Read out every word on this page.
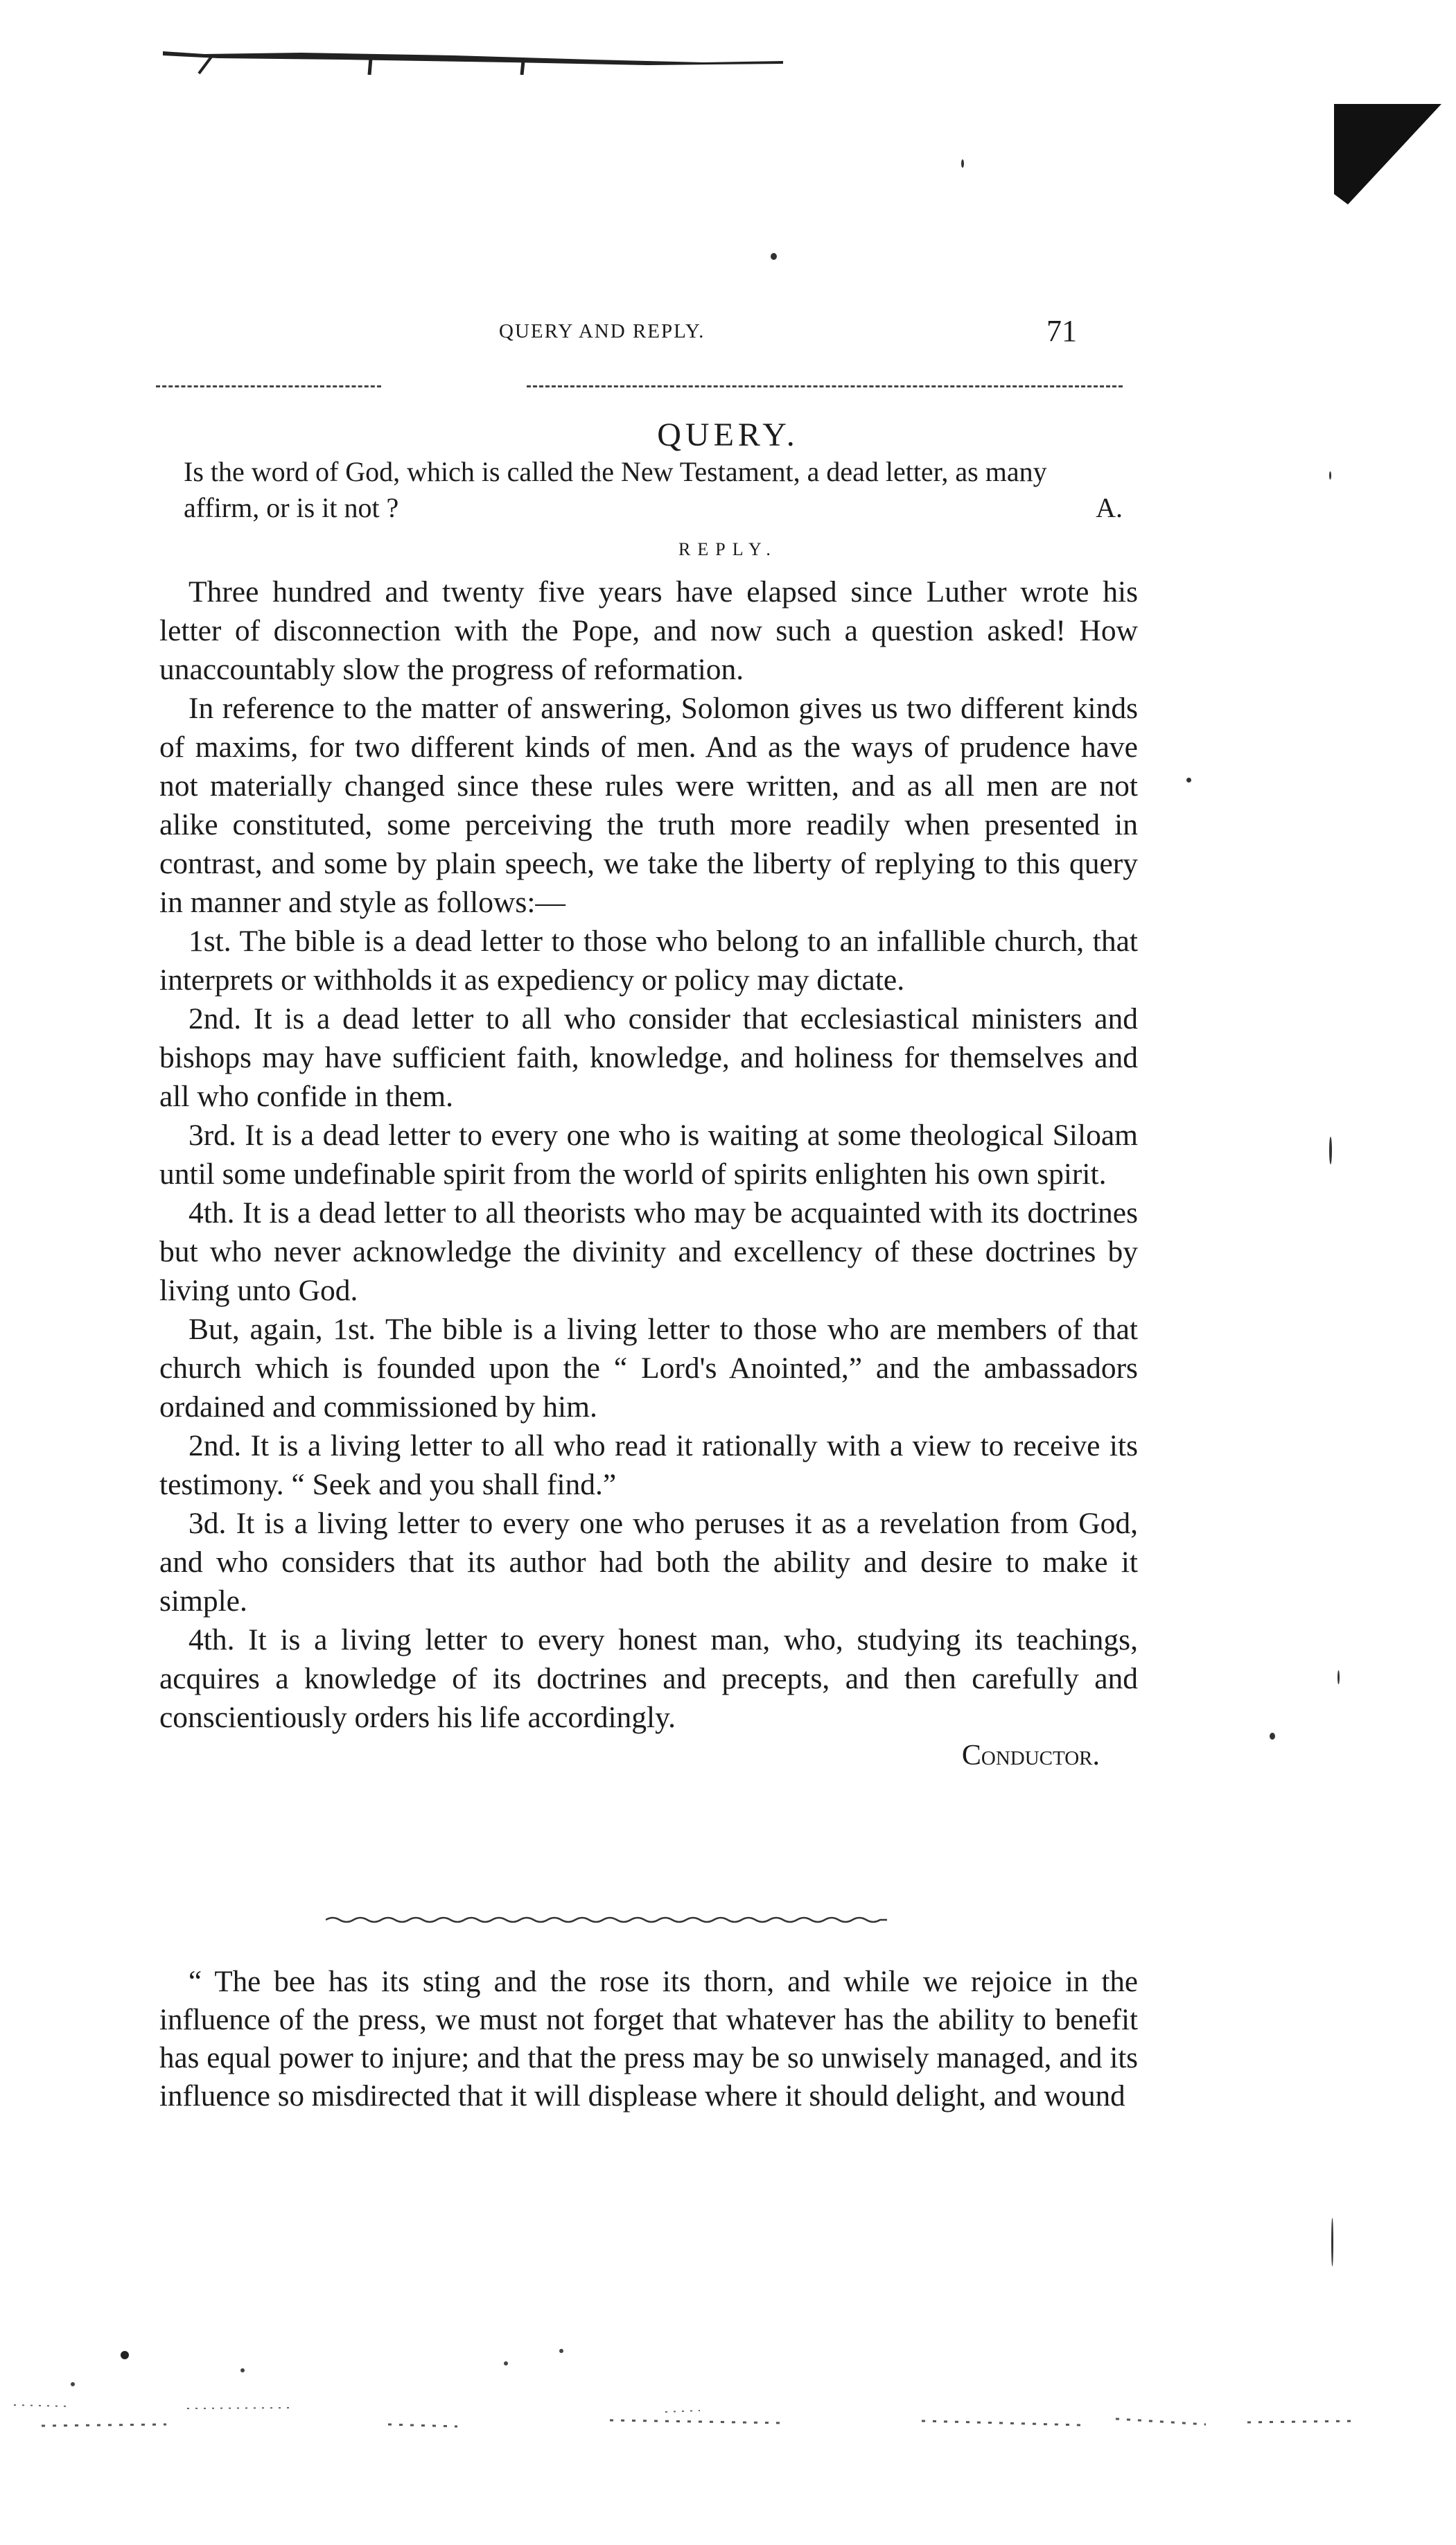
QUERY AND REPLY.	71
QUERY.
Is the word of God, which is called the New Testament, a dead letter, as many affirm, or is it not ?	A.
REPLY.

Three hundred and twenty five years have elapsed since Luther wrote his letter of disconnection with the Pope, and now such a question asked! How unaccountably slow the progress of reformation.

In reference to the matter of answering, Solomon gives us two different kinds of maxims, for two different kinds of men. And as the ways of prudence have not materially changed since these rules were written, and as all men are not alike constituted, some perceiving the truth more readily when presented in contrast, and some by plain speech, we take the liberty of replying to this query in manner and style as follows:—

1st. The bible is a dead letter to those who belong to an infallible church, that interprets or withholds it as expediency or policy may dictate.

2nd. It is a dead letter to all who consider that ecclesiastical ministers and bishops may have sufficient faith, knowledge, and holiness for themselves and all who confide in them.

3rd. It is a dead letter to every one who is waiting at some theological Siloam until some undefinable spirit from the world of spirits enlighten his own spirit.

4th. It is a dead letter to all theorists who may be acquainted with its doctrines but who never acknowledge the divinity and excellency of these doctrines by living unto God.

But, again, 1st. The bible is a living letter to those who are members of that church which is founded upon the “ Lord's Anointed,” and the ambassadors ordained and commissioned by him.

2nd. It is a living letter to all who read it rationally with a view to receive its testimony. “ Seek and you shall find.”

3d. It is a living letter to every one who peruses it as a revelation from God, and who considers that its author had both the ability and desire to make it simple.

4th. It is a living letter to every honest man, who, studying its teachings, acquires a knowledge of its doctrines and precepts, and then carefully and conscientiously orders his life accordingly.

Conductor.

“ The bee has its sting and the rose its thorn, and while we rejoice in the influence of the press, we must not forget that whatever has the ability to benefit has equal power to injure; and that the press may be so unwisely managed, and its influence so misdirected that it will displease where it should delight, and wound
